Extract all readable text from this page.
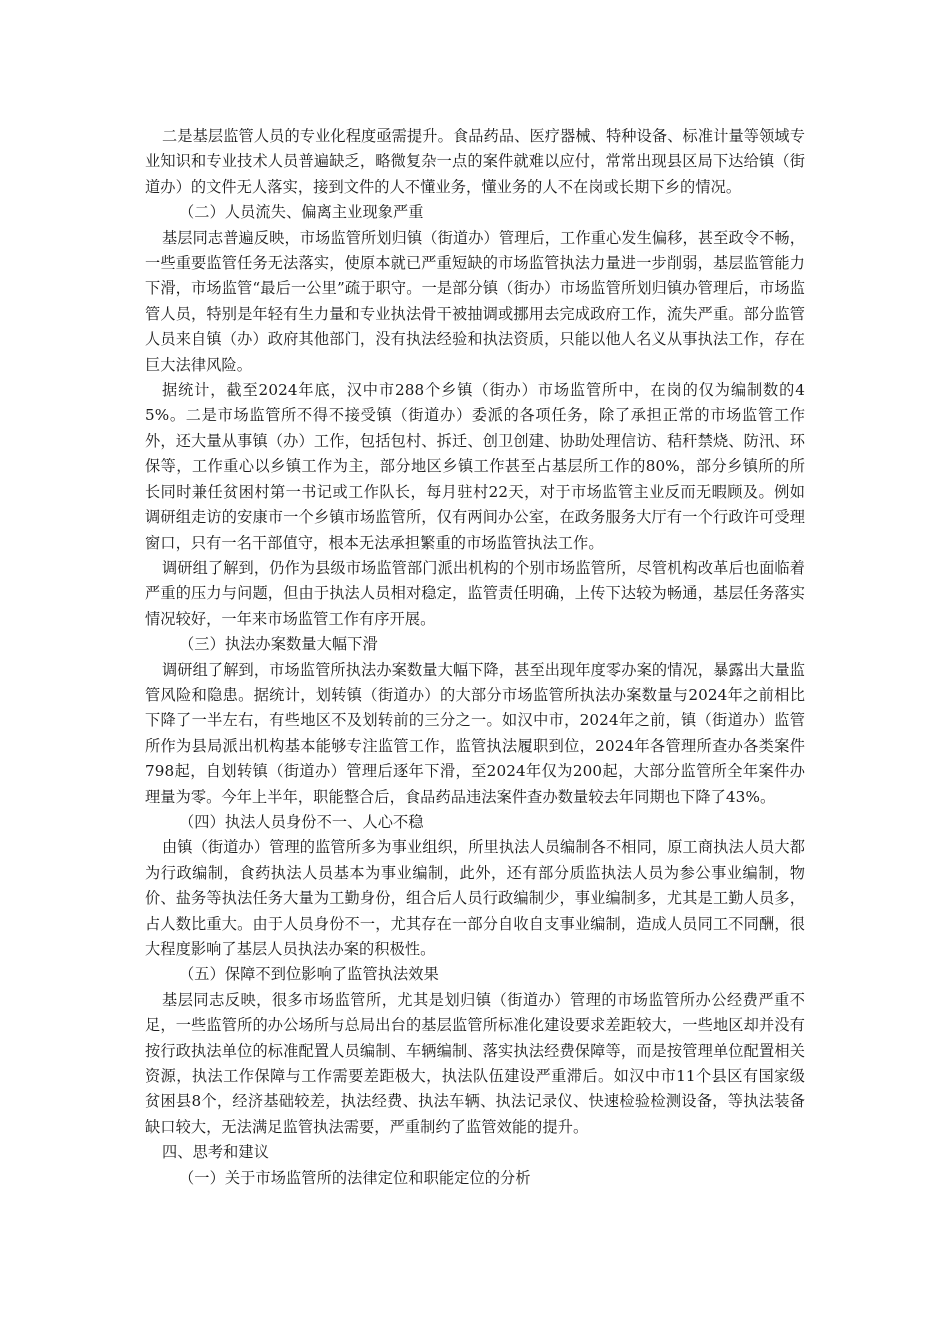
二是基层监管人员的专业化程度亟需提升。食品药品、医疗器械、特种设备、标准计量等领域专业知识和专业技术人员普遍缺乏，略微复杂一点的案件就难以应付，常常出现县区局下达给镇（街道办）的文件无人落实，接到文件的人不懂业务，懂业务的人不在岗或长期下乡的情况。

（二）人员流失、偏离主业现象严重

基层同志普遍反映，市场监管所划归镇（街道办）管理后，工作重心发生偏移，甚至政令不畅，一些重要监管任务无法落实，使原本就已严重短缺的市场监管执法力量进一步削弱，基层监管能力下滑，市场监管“最后一公里”疏于职守。一是部分镇（街办）市场监管所划归镇办管理后，市场监管人员，特别是年轻有生力量和专业执法骨干被抽调或挪用去完成政府工作，流失严重。部分监管人员来自镇（办）政府其他部门，没有执法经验和执法资质，只能以他人名义从事执法工作，存在巨大法律风险。

据统计，截至2024年底，汉中市288个乡镇（街办）市场监管所中，在岗的仅为编制数的45%。二是市场监管所不得不接受镇（街道办）委派的各项任务，除了承担正常的市场监管工作外，还大量从事镇（办）工作，包括包村、拆迁、创卫创建、协助处理信访、秸秆禁烧、防汛、环保等，工作重心以乡镇工作为主，部分地区乡镇工作甚至占基层所工作的80%，部分乡镇所的所长同时兼任贫困村第一书记或工作队长，每月驻村22天，对于市场监管主业反而无暇顾及。例如调研组走访的安康市一个乡镇市场监管所，仅有两间办公室，在政务服务大厅有一个行政许可受理窗口，只有一名干部值守，根本无法承担繁重的市场监管执法工作。

调研组了解到，仍作为县级市场监管部门派出机构的个别市场监管所，尽管机构改革后也面临着严重的压力与问题，但由于执法人员相对稳定，监管责任明确，上传下达较为畅通，基层任务落实情况较好，一年来市场监管工作有序开展。

（三）执法办案数量大幅下滑

调研组了解到，市场监管所执法办案数量大幅下降，甚至出现年度零办案的情况，暴露出大量监管风险和隐患。据统计，划转镇（街道办）的大部分市场监管所执法办案数量与2024年之前相比下降了一半左右，有些地区不及划转前的三分之一。如汉中市，2024年之前，镇（街道办）监管所作为县局派出机构基本能够专注监管工作，监管执法履职到位，2024年各管理所查办各类案件798起，自划转镇（街道办）管理后逐年下滑，至2024年仅为200起，大部分监管所全年案件办理量为零。今年上半年，职能整合后，食品药品违法案件查办数量较去年同期也下降了43%。

（四）执法人员身份不一、人心不稳

由镇（街道办）管理的监管所多为事业组织，所里执法人员编制各不相同，原工商执法人员大都为行政编制，食药执法人员基本为事业编制，此外，还有部分质监执法人员为参公事业编制，物价、盐务等执法任务大量为工勤身份，组合后人员行政编制少，事业编制多，尤其是工勤人员多，占人数比重大。由于人员身份不一，尤其存在一部分自收自支事业编制，造成人员同工不同酬，很大程度影响了基层人员执法办案的积极性。

（五）保障不到位影响了监管执法效果

基层同志反映，很多市场监管所，尤其是划归镇（街道办）管理的市场监管所办公经费严重不足，一些监管所的办公场所与总局出台的基层监管所标准化建设要求差距较大，一些地区却并没有按行政执法单位的标准配置人员编制、车辆编制、落实执法经费保障等，而是按管理单位配置相关资源，执法工作保障与工作需要差距极大，执法队伍建设严重滞后。如汉中市11个县区有国家级贫困县8个，经济基础较差，执法经费、执法车辆、执法记录仪、快速检验检测设备，等执法装备缺口较大，无法满足监管执法需要，严重制约了监管效能的提升。

四、思考和建议

（一）关于市场监管所的法律定位和职能定位的分析
